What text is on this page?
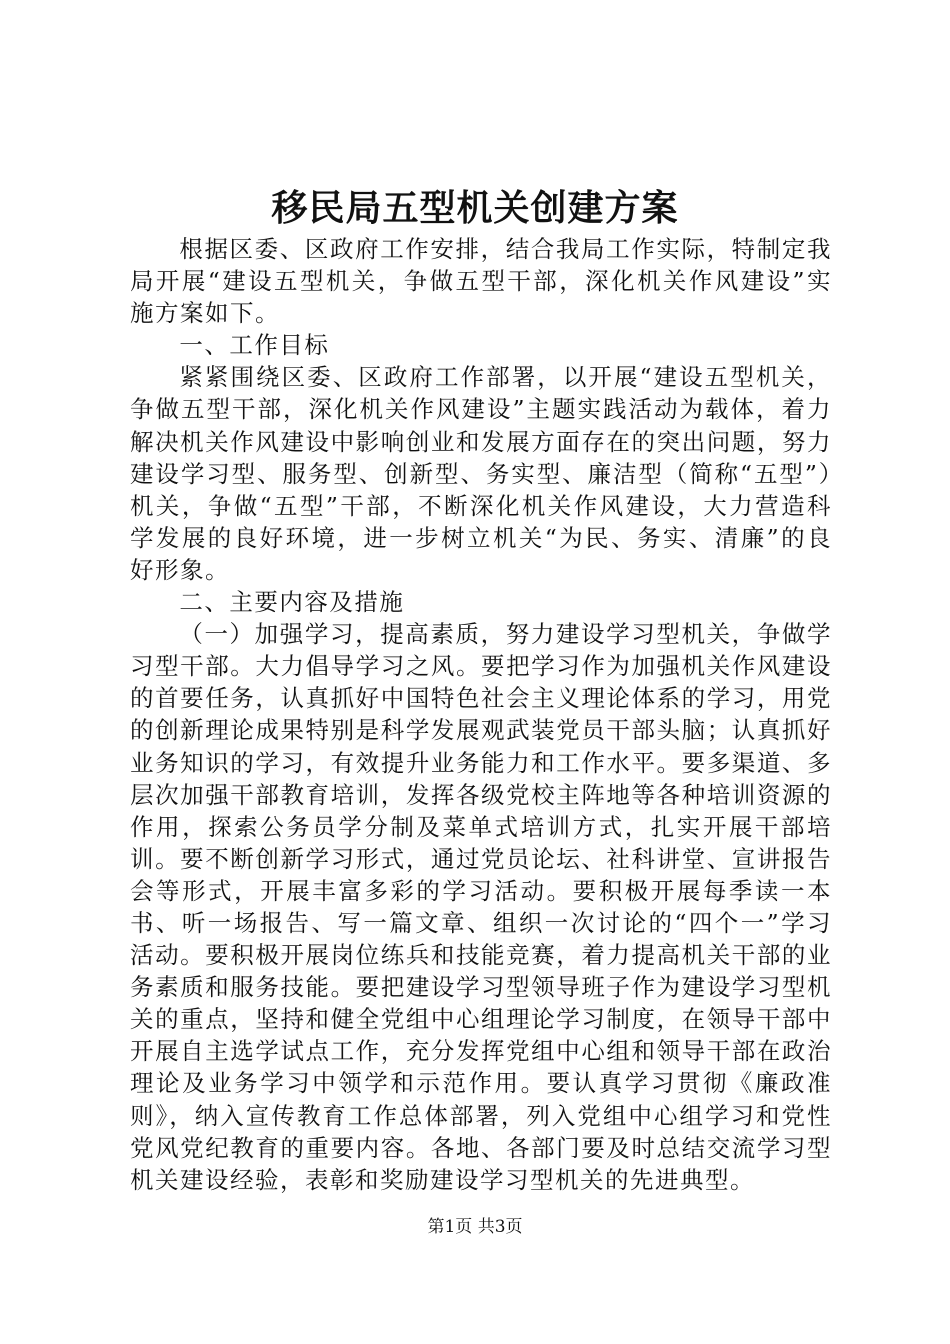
移民局五型机关创建方案

根据区委、区政府工作安排，结合我局工作实际，特制定我局开展“建设五型机关，争做五型干部，深化机关作风建设”实施方案如下。

一、工作目标

紧紧围绕区委、区政府工作部署，以开展“建设五型机关，争做五型干部，深化机关作风建设”主题实践活动为载体，着力解决机关作风建设中影响创业和发展方面存在的突出问题，努力建设学习型、服务型、创新型、务实型、廉洁型（简称“五型”）机关，争做“五型”干部，不断深化机关作风建设，大力营造科学发展的良好环境，进一步树立机关“为民、务实、清廉”的良好形象。

二、主要内容及措施

（一）加强学习，提高素质，努力建设学习型机关，争做学习型干部。大力倡导学习之风。要把学习作为加强机关作风建设的首要任务，认真抓好中国特色社会主义理论体系的学习，用党的创新理论成果特别是科学发展观武装党员干部头脑；认真抓好业务知识的学习，有效提升业务能力和工作水平。要多渠道、多层次加强干部教育培训，发挥各级党校主阵地等各种培训资源的作用，探索公务员学分制及菜单式培训方式，扎实开展干部培训。要不断创新学习形式，通过党员论坛、社科讲堂、宣讲报告会等形式，开展丰富多彩的学习活动。要积极开展每季读一本书、听一场报告、写一篇文章、组织一次讨论的“四个一”学习活动。要积极开展岗位练兵和技能竞赛，着力提高机关干部的业务素质和服务技能。要把建设学习型领导班子作为建设学习型机关的重点，坚持和健全党组中心组理论学习制度，在领导干部中开展自主选学试点工作，充分发挥党组中心组和领导干部在政治理论及业务学习中领学和示范作用。要认真学习贯彻《廉政准则》，纳入宣传教育工作总体部署，列入党组中心组学习和党性党风党纪教育的重要内容。各地、各部门要及时总结交流学习型机关建设经验，表彰和奖励建设学习型机关的先进典型。

第1页 共3页
